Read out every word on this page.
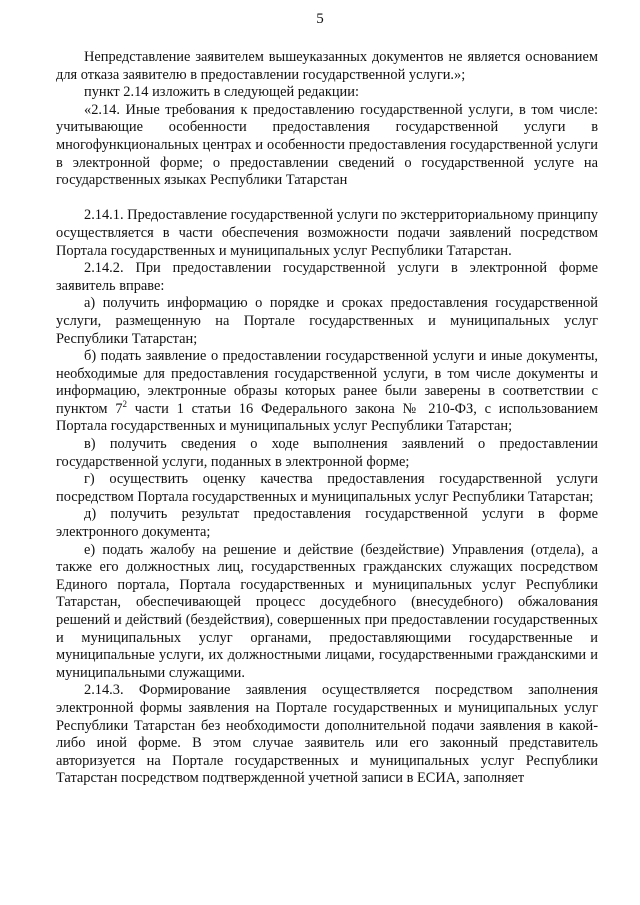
5

Непредставление заявителем вышеуказанных документов не является основанием для отказа заявителю в предоставлении государственной услуги.»;

пункт 2.14 изложить в следующей редакции:

«2.14. Иные требования к предоставлению государственной услуги, в том числе: учитывающие особенности предоставления государственной услуги в многофункциональных центрах и особенности предоставления государственной услуги в электронной форме; о предоставлении сведений о государственной услуге на государственных языках Республики Татарстан

2.14.1. Предоставление государственной услуги по экстерриториальному принципу осуществляется в части обеспечения возможности подачи заявлений посредством Портала государственных и муниципальных услуг Республики Татарстан.

2.14.2. При предоставлении государственной услуги в электронной форме заявитель вправе:

а) получить информацию о порядке и сроках предоставления государственной услуги, размещенную на Портале государственных и муниципальных услуг Республики Татарстан;

б) подать заявление о предоставлении государственной услуги и иные документы, необходимые для предоставления государственной услуги, в том числе документы и информацию, электронные образы которых ранее были заверены в соответствии с пунктом $7^2$ части 1 статьи 16 Федерального закона № 210-ФЗ, с использованием Портала государственных и муниципальных услуг Республики Татарстан;

в) получить сведения о ходе выполнения заявлений о предоставлении государственной услуги, поданных в электронной форме;

г) осуществить оценку качества предоставления государственной услуги посредством Портала государственных и муниципальных услуг Республики Татарстан;

д) получить результат предоставления государственной услуги в форме электронного документа;

е) подать жалобу на решение и действие (бездействие) Управления (отдела), а также его должностных лиц, государственных гражданских служащих посредством Единого портала, Портала государственных и муниципальных услуг Республики Татарстан, обеспечивающей процесс досудебного (внесудебного) обжалования решений и действий (бездействия), совершенных при предоставлении государственных и муниципальных услуг органами, предоставляющими государственные и муниципальные услуги, их должностными лицами, государственными гражданскими и муниципальными служащими.

2.14.3. Формирование заявления осуществляется посредством заполнения электронной формы заявления на Портале государственных и муниципальных услуг Республики Татарстан без необходимости дополнительной подачи заявления в какой-либо иной форме. В этом случае заявитель или его законный представитель авторизуется на Портале государственных и муниципальных услуг Республики Татарстан посредством подтвержденной учетной записи в ЕСИА, заполняет
